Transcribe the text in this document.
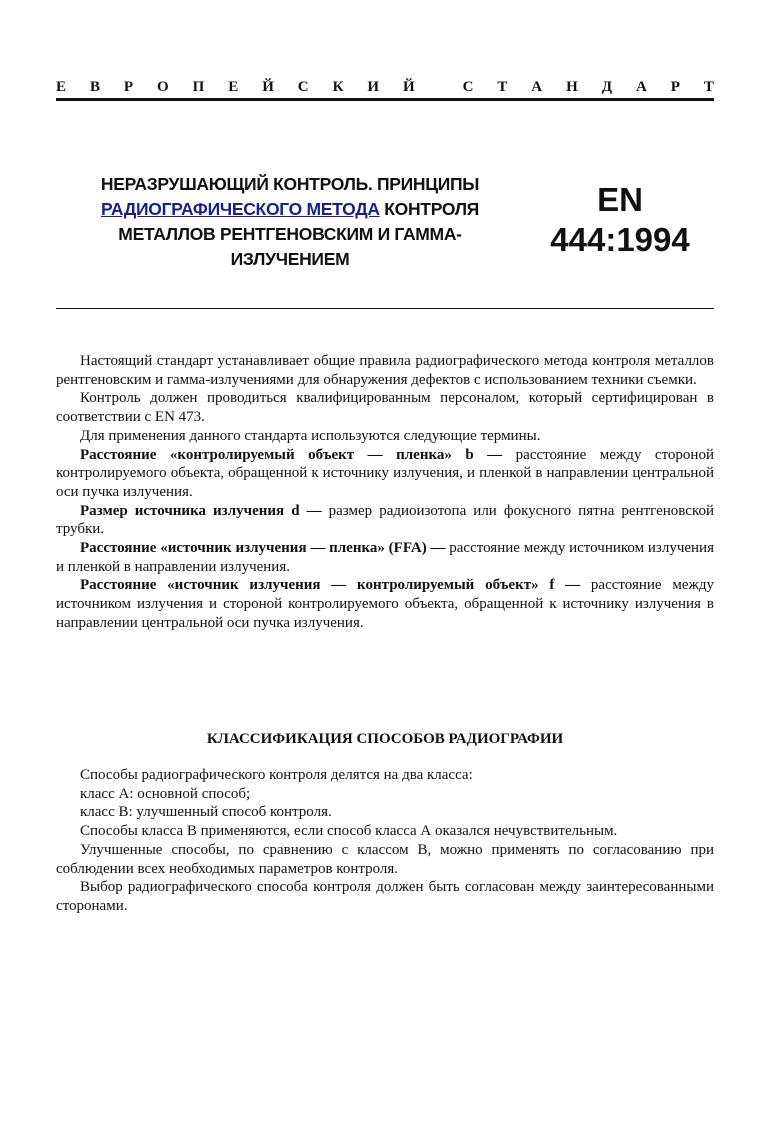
Е В Р О П Е Й С К И Й	С Т А Н Д А Р Т
НЕРАЗРУШАЮЩИЙ КОНТРОЛЬ. ПРИНЦИПЫ
РАДИОГРАФИЧЕСКОГО МЕТОДА КОНТРОЛЯ
МЕТАЛЛОВ РЕНТГЕНОВСКИМ И ГАММА-
ИЗЛУЧЕНИЕМ
EN
444:1994

Настоящий стандарт устанавливает общие правила радиографического метода контроля металлов рентгеновским и гамма-излучениями для обнаружения дефектов с использованием техники съемки.

Контроль должен проводиться квалифицированным персоналом, который сертифицирован в соответствии с EN 473.

Для применения данного стандарта используются следующие термины.

Расстояние «контролируемый объект — пленка» b — расстояние между стороной контролируемого объекта, обращенной к источнику излучения, и пленкой в направлении центральной оси пучка излучения.

Размер источника излучения d — размер радиоизотопа или фокусного пятна рентгеновской трубки.

Расстояние «источник излучения — пленка» (FFA) — расстояние между источником излучения и пленкой в направлении излучения.

Расстояние «источник излучения — контролируемый объект» f — расстояние между источником излучения и стороной контролируемого объекта, обращенной к источнику излучения в направлении центральной оси пучка излучения.

КЛАССИФИКАЦИЯ СПОСОБОВ РАДИОГРАФИИ

Способы радиографического контроля делятся на два класса:

класс А: основной способ;

класс В: улучшенный способ контроля.

Способы класса В применяются, если способ класса А оказался нечувствительным.

Улучшенные способы, по сравнению с классом В, можно применять по согласованию при соблюдении всех необходимых параметров контроля.

Выбор радиографического способа контроля должен быть согласован между заинтересованными сторонами.
